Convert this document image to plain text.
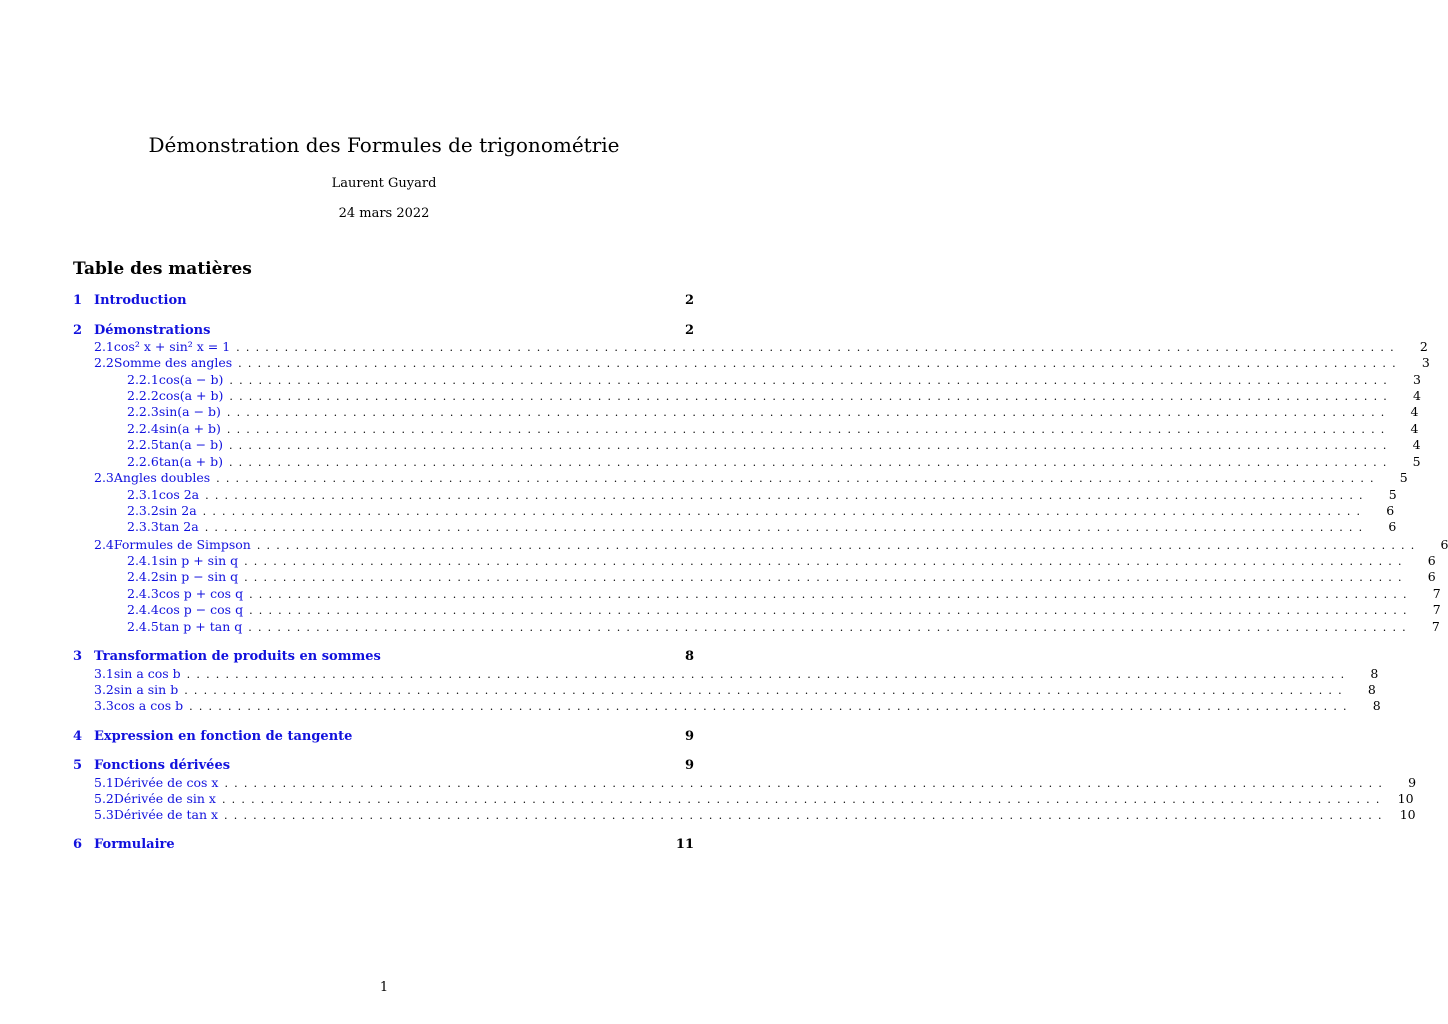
Démonstration des Formules de trigonométrie
Laurent Guyard
24 mars 2022
Table des matières
1 Introduction	2
2 Démonstrations	2
2.1 cos² x + sin² x = 1 ........................................................................................................................	2
2.2 Somme des angles ........................................................................................................................	3
2.2.1 cos(a − b) ........................................................................................................................	3
2.2.2 cos(a + b) ........................................................................................................................	4
2.2.3 sin(a − b) ........................................................................................................................	4
2.2.4 sin(a + b) ........................................................................................................................	4
2.2.5 tan(a − b) ........................................................................................................................	4
2.2.6 tan(a + b) ........................................................................................................................	5
2.3 Angles doubles ........................................................................................................................	5
2.3.1 cos 2a ........................................................................................................................	5
2.3.2 sin 2a ........................................................................................................................	6
2.3.3 tan 2a ........................................................................................................................	6
2.4 Formules de Simpson ........................................................................................................................	6
2.4.1 sin p + sin q ........................................................................................................................	6
2.4.2 sin p − sin q ........................................................................................................................	6
2.4.3 cos p + cos q ........................................................................................................................	7
2.4.4 cos p − cos q ........................................................................................................................	7
2.4.5 tan p + tan q ........................................................................................................................	7
3 Transformation de produits en sommes	8
3.1 sin a cos b ........................................................................................................................	8
3.2 sin a sin b ........................................................................................................................	8
3.3 cos a cos b ........................................................................................................................	8
4 Expression en fonction de tangente	9
5 Fonctions dérivées	9
5.1 Dérivée de cos x ........................................................................................................................	9
5.2 Dérivée de sin x ........................................................................................................................ 10
5.3 Dérivée de tan x ........................................................................................................................ 10
6 Formulaire	11
1
